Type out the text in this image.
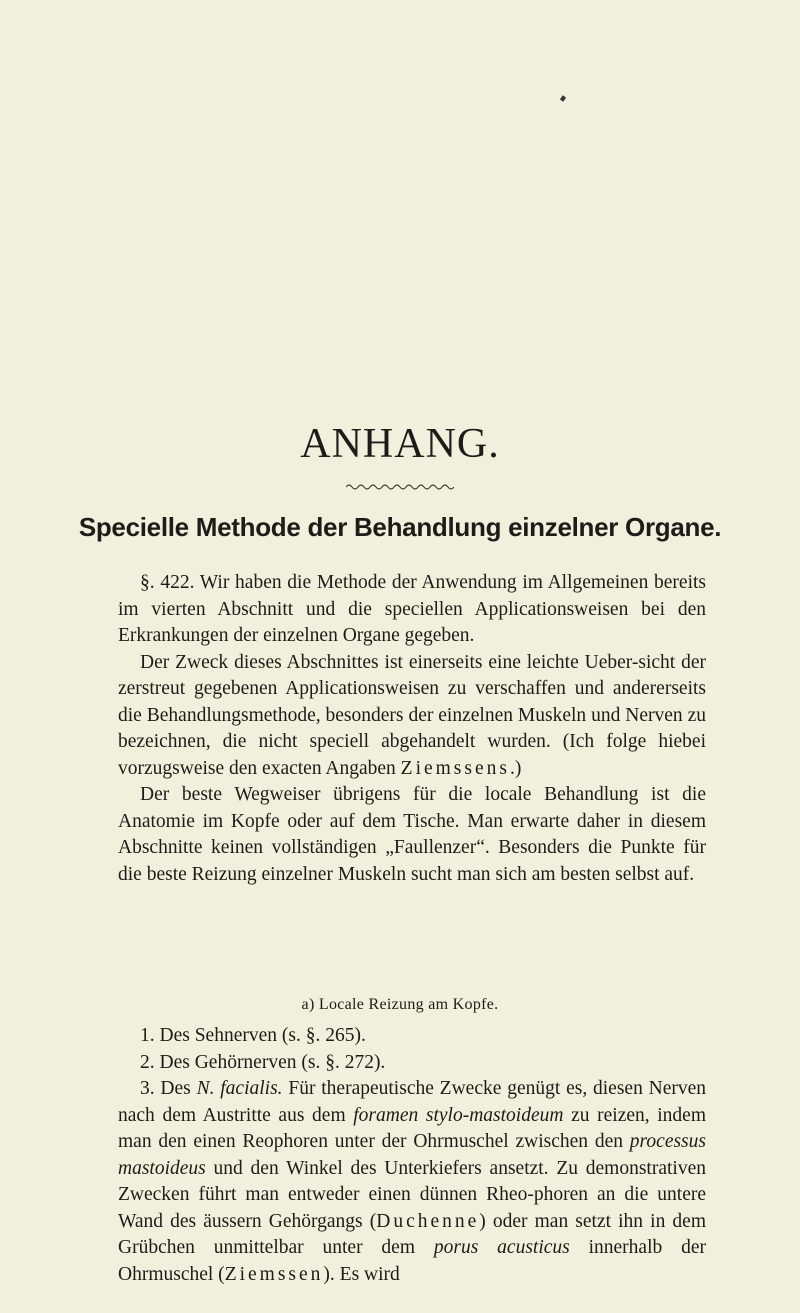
ANHANG.
Specielle Methode der Behandlung einzelner Organe.

§. 422. Wir haben die Methode der Anwendung im Allgemeinen bereits im vierten Abschnitt und die speciellen Applicationsweisen bei den Erkrankungen der einzelnen Organe gegeben.

Der Zweck dieses Abschnittes ist einerseits eine leichte Ueber-sicht der zerstreut gegebenen Applicationsweisen zu verschaffen und andererseits die Behandlungsmethode, besonders der einzelnen Muskeln und Nerven zu bezeichnen, die nicht speciell abgehandelt wurden. (Ich folge hiebei vorzugsweise den exacten Angaben Ziemssens.)

Der beste Wegweiser übrigens für die locale Behandlung ist die Anatomie im Kopfe oder auf dem Tische. Man erwarte daher in diesem Abschnitte keinen vollständigen „Faullenzer“. Besonders die Punkte für die beste Reizung einzelner Muskeln sucht man sich am besten selbst auf.

a) Locale Reizung am Kopfe.

1. Des Sehnerven (s. §. 265).

2. Des Gehörnerven (s. §. 272).

3. Des N. facialis. Für therapeutische Zwecke genügt es, diesen Nerven nach dem Austritte aus dem foramen stylo-mastoideum zu reizen, indem man den einen Reophoren unter der Ohrmuschel zwischen den processus mastoideus und den Winkel des Unterkiefers ansetzt. Zu demonstrativen Zwecken führt man entweder einen dünnen Rheo-phoren an die untere Wand des äussern Gehörgangs (Duchenne) oder man setzt ihn in dem Grübchen unmittelbar unter dem porus acusticus innerhalb der Ohrmuschel (Ziemssen). Es wird
